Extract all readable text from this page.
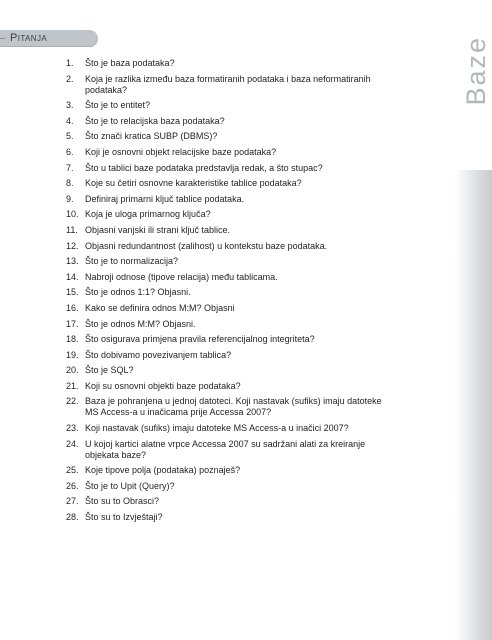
Pitanja	Baze
1. Što je baza podataka?
2. Koja je razlika između baza formatiranih podataka i baza neformatiranih podataka?
3. Što je to entitet?
4. Što je to relacijska baza podataka?
5. Što znači kratica SUBP (DBMS)?
6. Koji je osnovni objekt relacijske baze podataka?
7. Što u tablici baze podataka predstavlja redak, a što stupac?
8. Koje su četiri osnovne karakteristike tablice podataka?
9. Definiraj primarni ključ tablice podataka.
10. Koja je uloga primarnog ključa?
11. Objasni vanjski ili strani ključ tablice.
12. Objasni redundantnost (zalihost) u kontekstu baze podataka.
13. Što je to normalizacija?
14. Nabroji odnose (tipove relacija) među tablicama.
15. Što je odnos 1:1? Objasni.
16. Kako se definira odnos M:M? Objasni
17. Što je odnos M:M? Objasni.
18. Što osigurava primjena pravila referencijalnog integriteta?
19. Što dobivamo povezivanjem tablica?
20. Što je SQL?
21. Koji su osnovni objekti baze podataka?
22. Baza je pohranjena u jednoj datoteci. Koji nastavak (sufiks) imaju datoteke MS Access-a u inačicama prije Accessa 2007?
23. Koji nastavak (sufiks) imaju datoteke MS Access-a u inačici 2007?
24. U kojoj kartici alatne vrpce Accessa 2007 su sadržani alati za kreiranje objekata baze?
25. Koje tipove polja (podataka) poznaješ?
26. Što je to Upit (Query)?
27. Što su to Obrasci?
28. Što su to Izvještaji?
